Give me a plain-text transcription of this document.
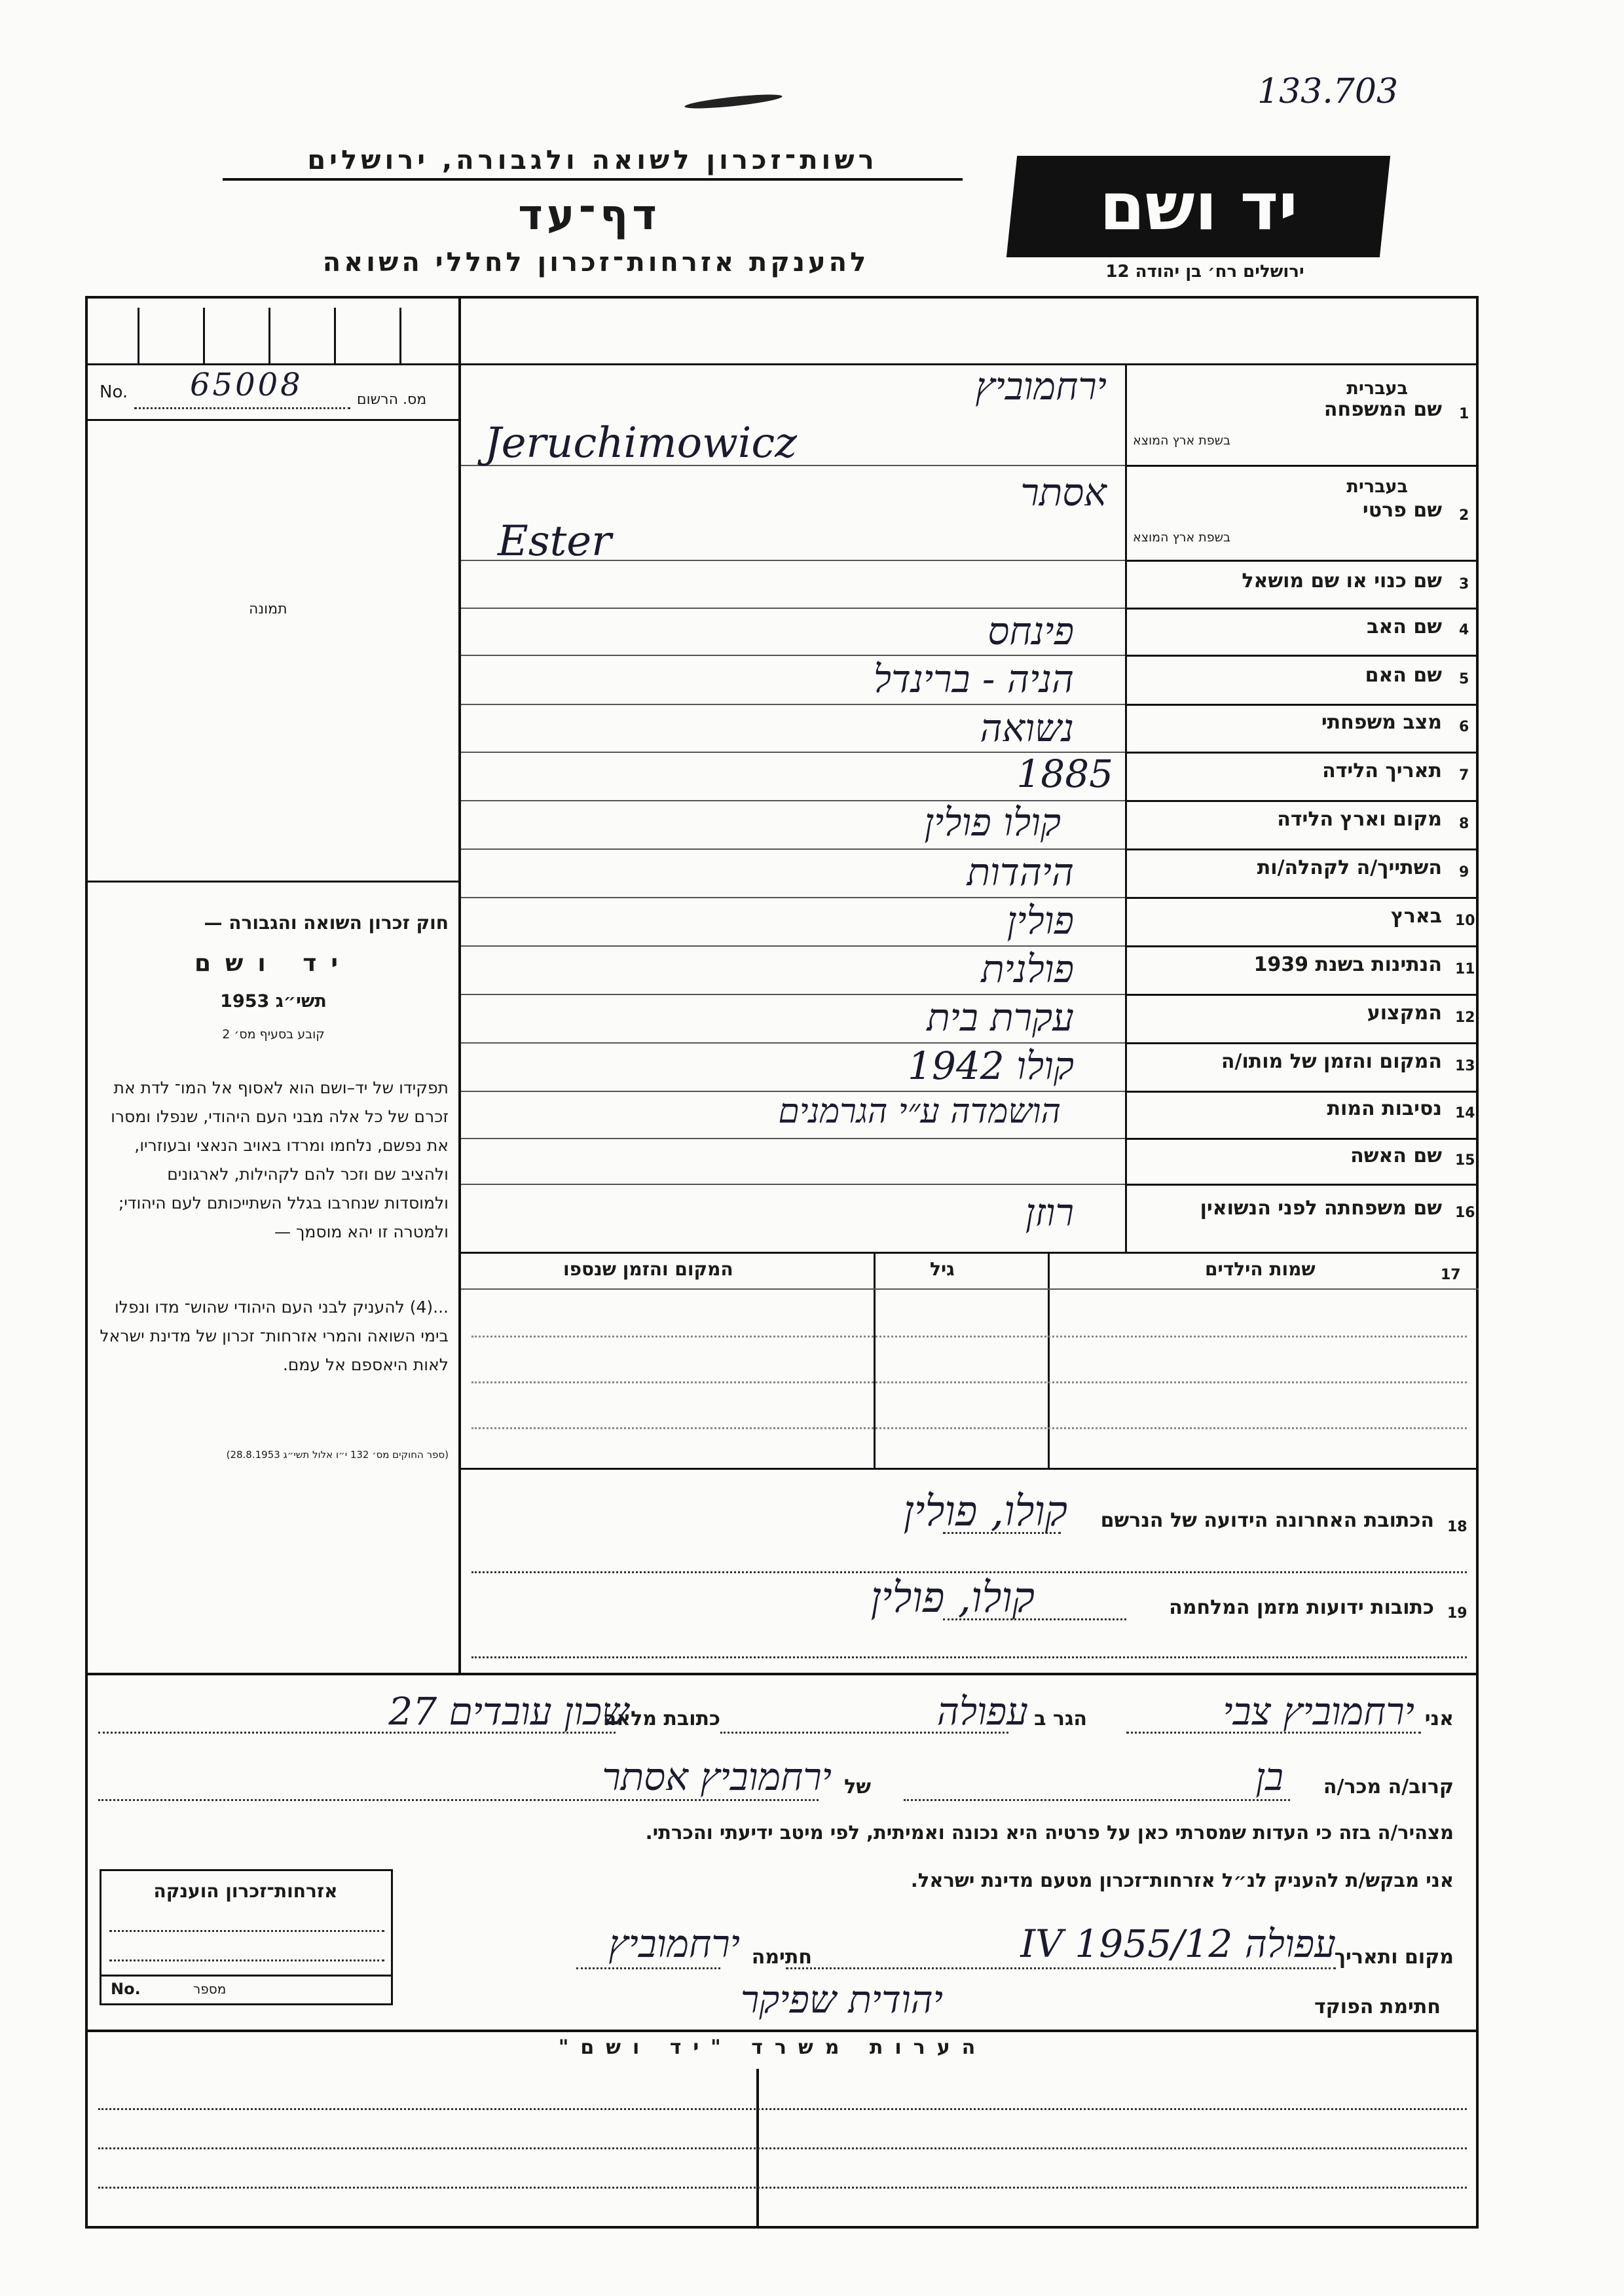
133.703
רשות־זכרון לשואה ולגבורה, ירושלים
דף־עד
להענקת אזרחות־זכרון לחללי השואה
יד ושם
ירושלים רח׳ בן יהודה 12
No. 65008	מס. הרשום
תמונה
חוק זכרון השואה והגבורה —
יד ושם
תשי״ג 1953
קובע בסעיף מס׳ 2
תפקידו של יד–ושם הוא לאסוף אל המו־ לדת את זכרם של כל אלה מבני העם היהודי, שנפלו ומסרו את נפשם, נלחמו ומרדו באויב הנאצי ובעוזריו, ולהציב שם וזכר להם לקהילות, לארגונים ולמוסדות שנחרבו בגלל השתייכותם לעם היהודי; ולמטרה זו יהא מוסמך —
...(4) להעניק לבני העם היהודי שהוש־ מדו ונפלו בימי השואה והמרי אזרחות־ זכרון של מדינת ישראל לאות היאספם אל עמם.
(ספר החוקים מס׳ 132 י״ו אלול תשי״ג 28.8.1953)
1
שם המשפחה
בעברית
בשפת ארץ המוצא
ירחמוביץ
Jeruchimowicz
2
שם פרטי
בעברית
בשפת ארץ המוצא
אסתר
Ester
3
שם כנוי או שם מושאל
4
שם האב
פינחס
5
שם האם
הניה - ברינדל
6
מצב משפחתי
נשואה
7
תאריך הלידה
1885
8
מקום וארץ הלידה
קולו פולין
9
השתייך/ה לקהלה/ות
היהדות
10
בארץ
פולין
11
הנתינות בשנת 1939
פולנית
12
המקצוע
עקרת בית
13
המקום והזמן של מותו/ה
קולו 1942
14
נסיבות המות
הושמדה ע״י הגרמנים
15
שם האשה
16
שם משפחתה לפני הנשואין
רוזן
17
שמות הילדים
גיל
המקום והזמן שנספו
18
הכתובת האחרונה הידועה של הנרשם
קולו, פולין
19
כתובות ידועות מזמן המלחמה
קולו, פולין
אני
ירחמוביץ צבי
הגר ב
עפולה
כתובת מלאה
שכון עובדים 27
קרוב/ה מכר/ה
בן
של
ירחמוביץ אסתר
מצהיר/ה בזה כי העדות שמסרתי כאן על פרטיה היא נכונה ואמיתית, לפי מיטב ידיעתי והכרתי.
אני מבקש/ת להעניק לנ״ל אזרחות־זכרון מטעם מדינת ישראל.
מקום ותאריך
עפולה 12/IV 1955
חתימה
ירחמוביץ
חתימת הפוקד
יהודית שפיקר
אזרחות־זכרון הוענקה
No.	מספר
הערות משרד "יד ושם"
